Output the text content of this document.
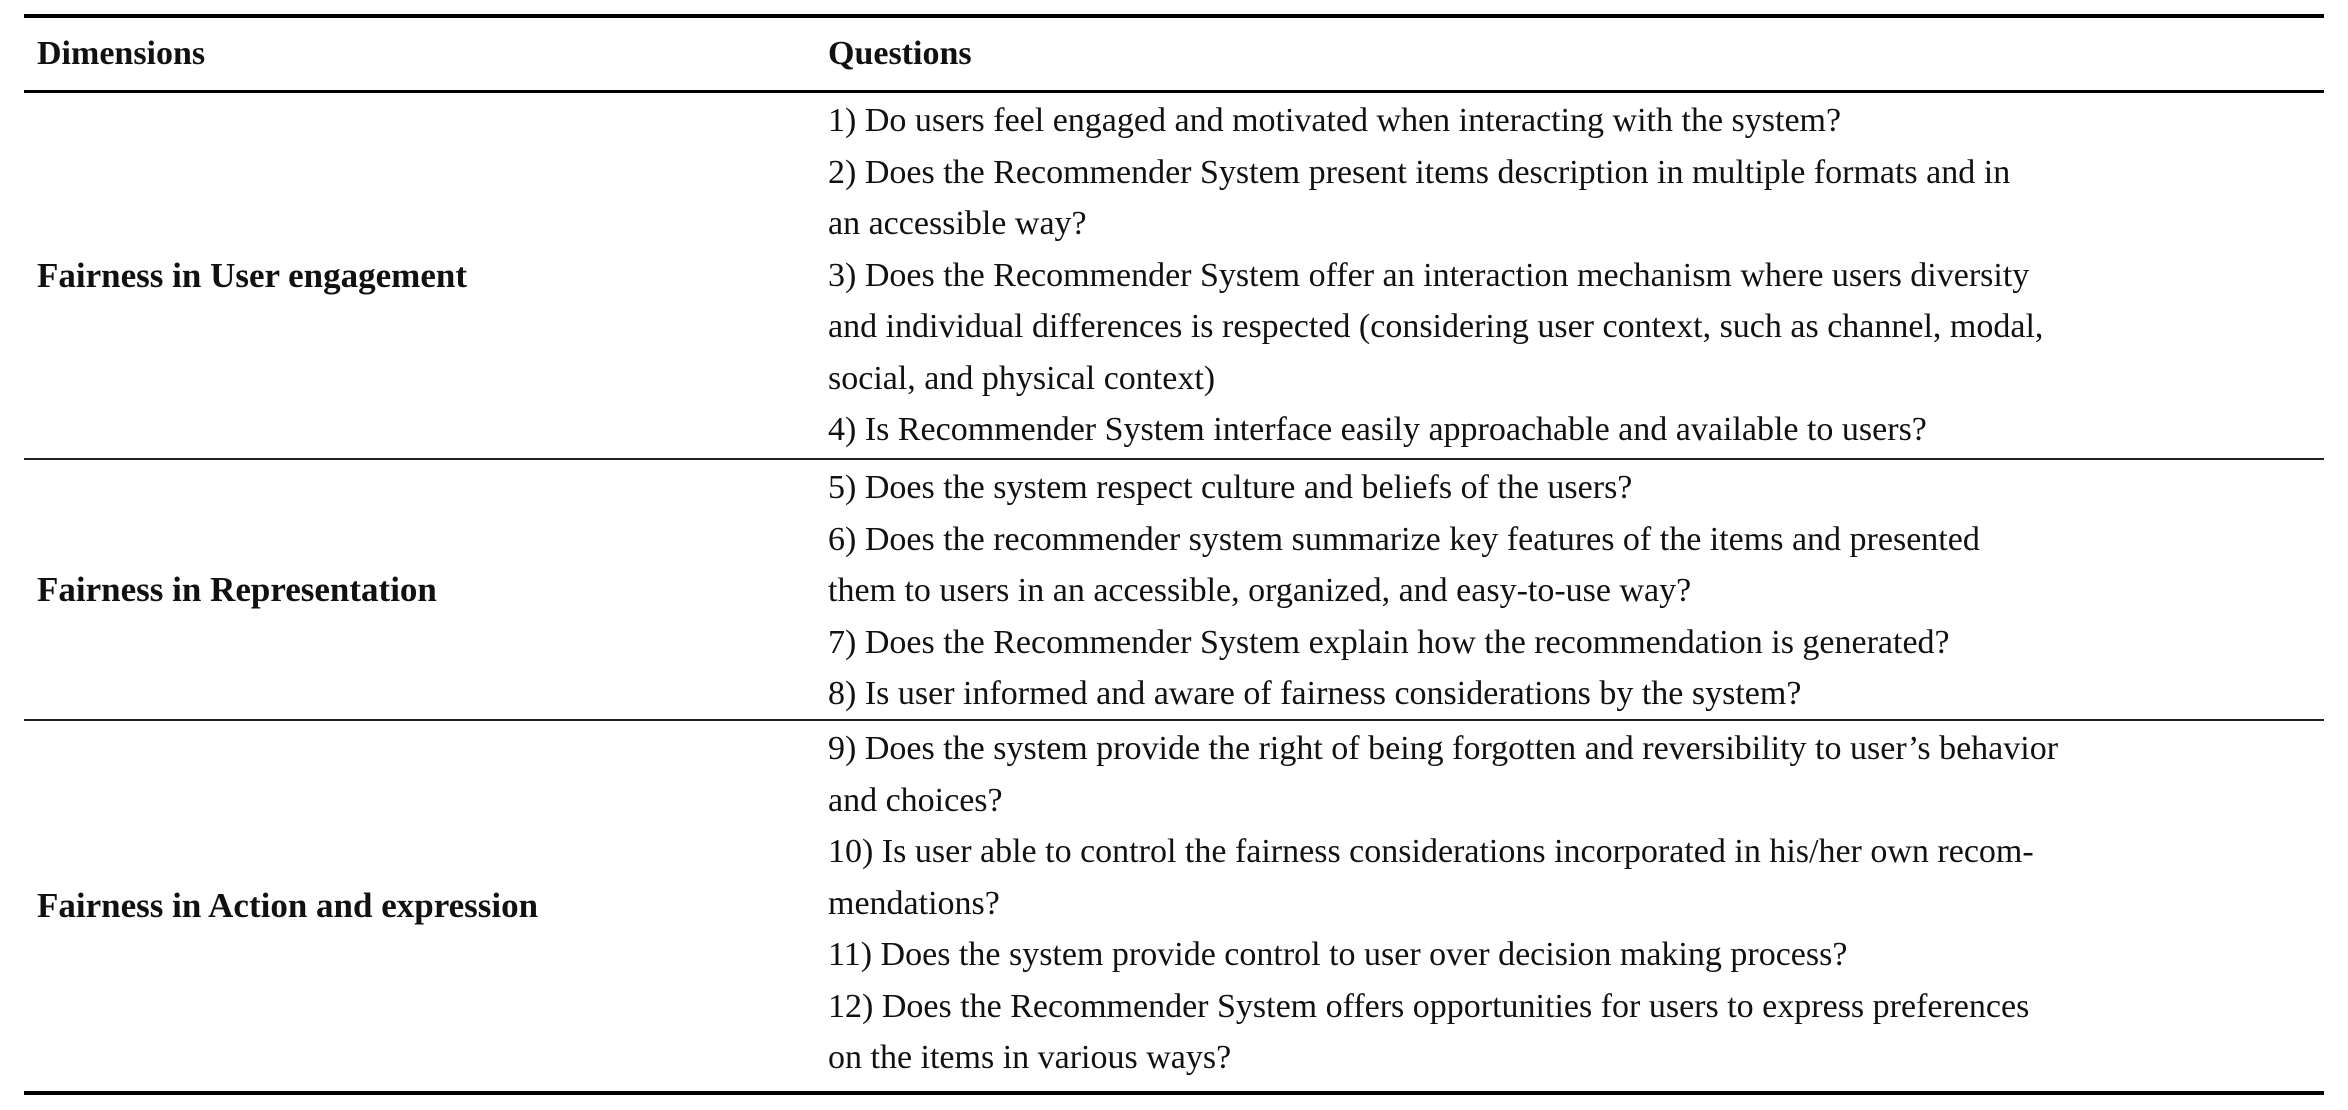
Dimensions	Questions
Fairness in User engagement
1) Do users feel engaged and motivated when interacting with the system?
2) Does the Recommender System present items description in multiple formats and in
an accessible way?
3) Does the Recommender System offer an interaction mechanism where users diversity
and individual differences is respected (considering user context, such as channel, modal,
social, and physical context)
4) Is Recommender System interface easily approachable and available to users?
Fairness in Representation
5) Does the system respect culture and beliefs of the users?
6) Does the recommender system summarize key features of the items and presented
them to users in an accessible, organized, and easy-to-use way?
7) Does the Recommender System explain how the recommendation is generated?
8) Is user informed and aware of fairness considerations by the system?
Fairness in Action and expression
9) Does the system provide the right of being forgotten and reversibility to user’s behavior
and choices?
10) Is user able to control the fairness considerations incorporated in his/her own recom-
mendations?
11) Does the system provide control to user over decision making process?
12) Does the Recommender System offers opportunities for users to express preferences
on the items in various ways?
